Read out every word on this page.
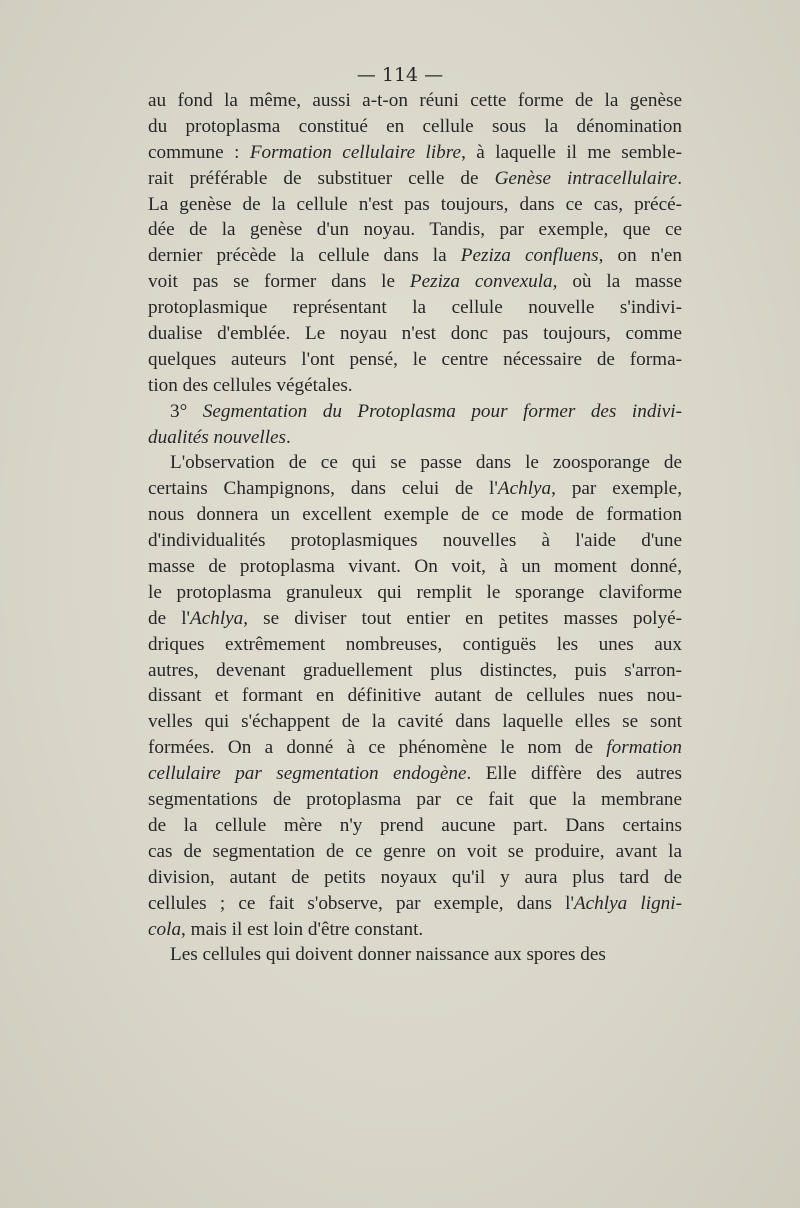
— 114 —
au fond la même, aussi a-t-on réuni cette forme de la genèse
du protoplasma constitué en cellule sous la dénomination
commune : Formation cellulaire libre, à laquelle il me semble-
rait préférable de substituer celle de Genèse intracellulaire.
La genèse de la cellule n'est pas toujours, dans ce cas, précé-
dée de la genèse d'un noyau. Tandis, par exemple, que ce
dernier précède la cellule dans la Peziza confluens, on n'en
voit pas se former dans le Peziza convexula, où la masse
protoplasmique représentant la cellule nouvelle s'indivi-
dualise d'emblée. Le noyau n'est donc pas toujours, comme
quelques auteurs l'ont pensé, le centre nécessaire de forma-
tion des cellules végétales.
3° Segmentation du Protoplasma pour former des indivi-
dualités nouvelles.
L'observation de ce qui se passe dans le zoosporange de
certains Champignons, dans celui de l'Achlya, par exemple,
nous donnera un excellent exemple de ce mode de formation
d'individualités protoplasmiques nouvelles à l'aide d'une
masse de protoplasma vivant. On voit, à un moment donné,
le protoplasma granuleux qui remplit le sporange claviforme
de l'Achlya, se diviser tout entier en petites masses polyé-
driques extrêmement nombreuses, contiguës les unes aux
autres, devenant graduellement plus distinctes, puis s'arron-
dissant et formant en définitive autant de cellules nues nou-
velles qui s'échappent de la cavité dans laquelle elles se sont
formées. On a donné à ce phénomène le nom de formation
cellulaire par segmentation endogène. Elle diffère des autres
segmentations de protoplasma par ce fait que la membrane
de la cellule mère n'y prend aucune part. Dans certains
cas de segmentation de ce genre on voit se produire, avant la
division, autant de petits noyaux qu'il y aura plus tard de
cellules ; ce fait s'observe, par exemple, dans l'Achlya ligni-
cola, mais il est loin d'être constant.
Les cellules qui doivent donner naissance aux spores des
